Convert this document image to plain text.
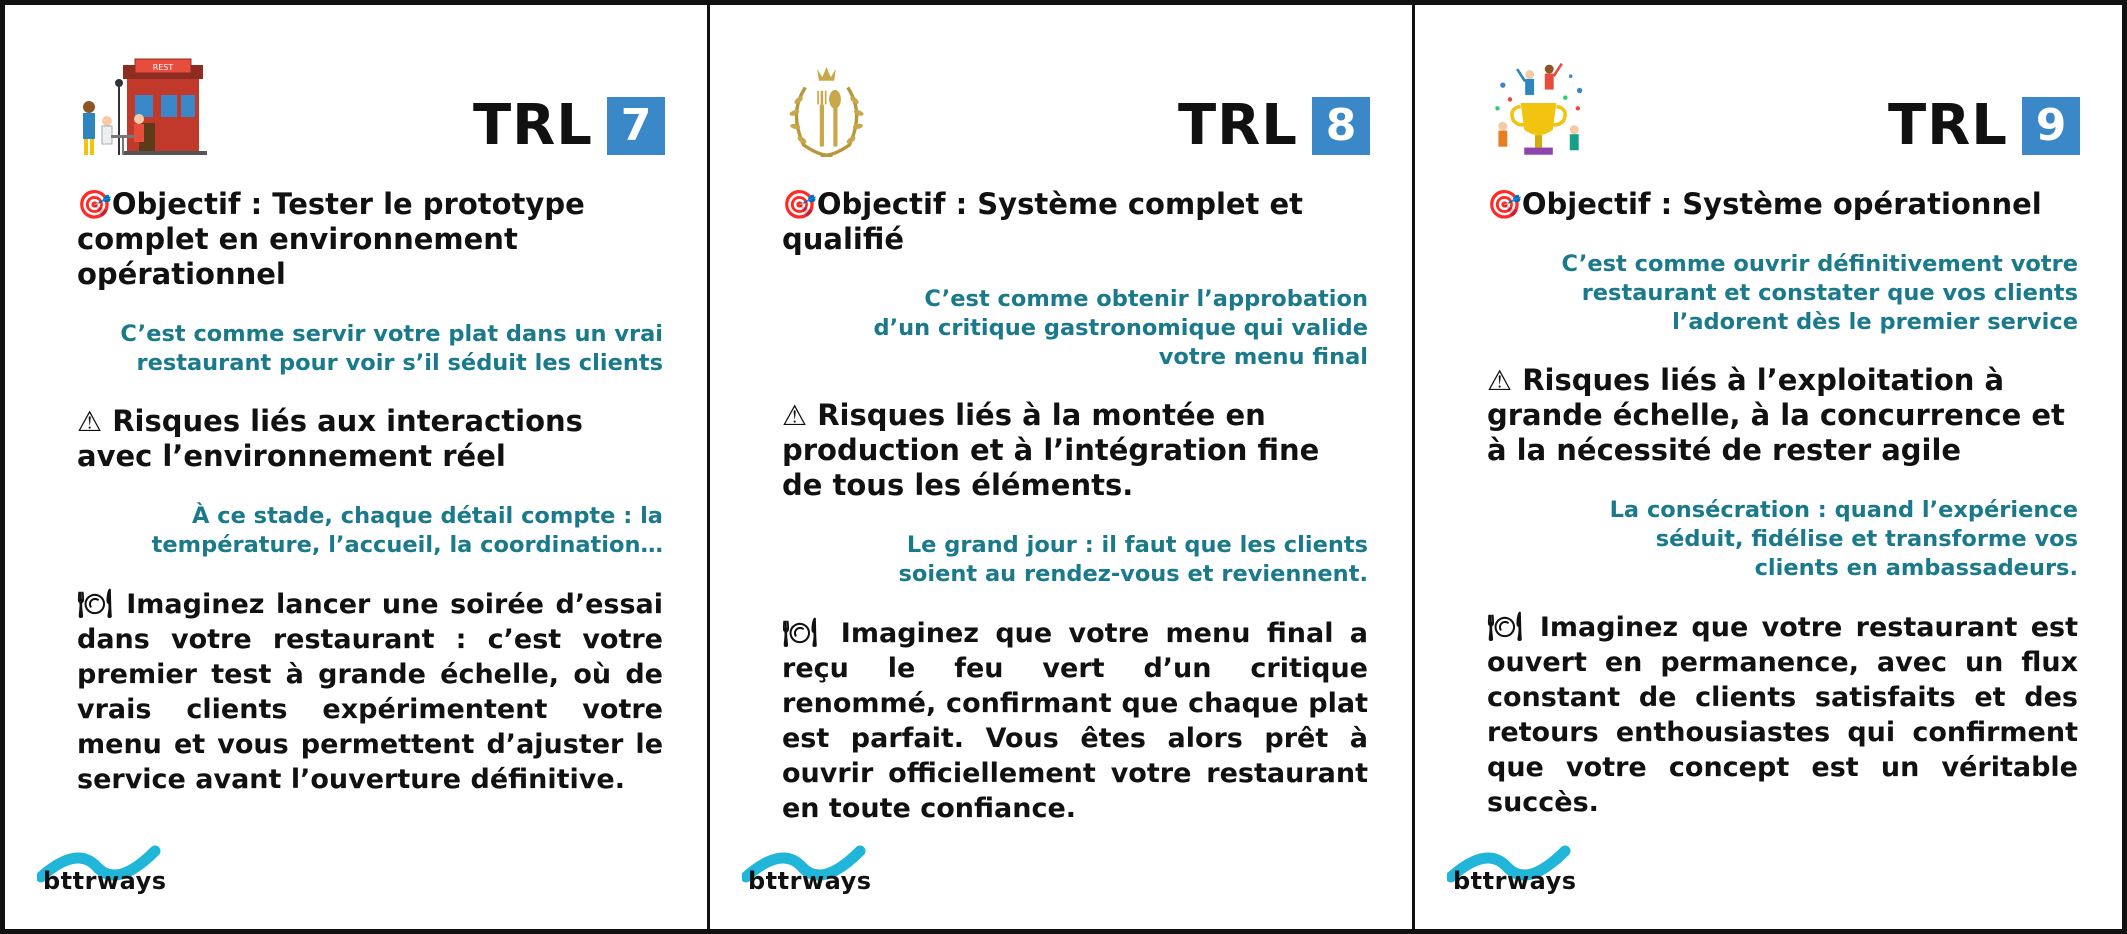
REST
TRL 7

🎯Objectif : Tester le prototype complet en environnement opérationnel

C’est comme servir votre plat dans un vrai restaurant pour voir s’il séduit les clients

⚠ Risques liés aux interactions avec l’environnement réel

À ce stade, chaque détail compte : la température, l’accueil, la coordination…

🍽 Imaginez lancer une soirée d’essai dans votre restaurant : c’est votre premier test à grande échelle, où de vrais clients expérimentent votre menu et vous permettent d’ajuster le service avant l’ouverture définitive.

bttrways
TRL 8

🎯Objectif : Système complet et qualifié

C’est comme obtenir l’approbation d’un critique gastronomique qui valide votre menu final

⚠ Risques liés à la montée en production et à l’intégration fine de tous les éléments.

Le grand jour : il faut que les clients soient au rendez-vous et reviennent.

🍽 Imaginez que votre menu final a reçu le feu vert d’un critique renommé, confirmant que chaque plat est parfait. Vous êtes alors prêt à ouvrir officiellement votre restaurant en toute confiance.

bttrways
TRL 9

🎯Objectif : Système opérationnel

C’est comme ouvrir définitivement votre restaurant et constater que vos clients l’adorent dès le premier service

⚠ Risques liés à l’exploitation à grande échelle, à la concurrence et à la nécessité de rester agile

La consécration : quand l’expérience séduit, fidélise et transforme vos clients en ambassadeurs.

🍽 Imaginez que votre restaurant est ouvert en permanence, avec un flux constant de clients satisfaits et des retours enthousiastes qui confirment que votre concept est un véritable succès.

bttrways
